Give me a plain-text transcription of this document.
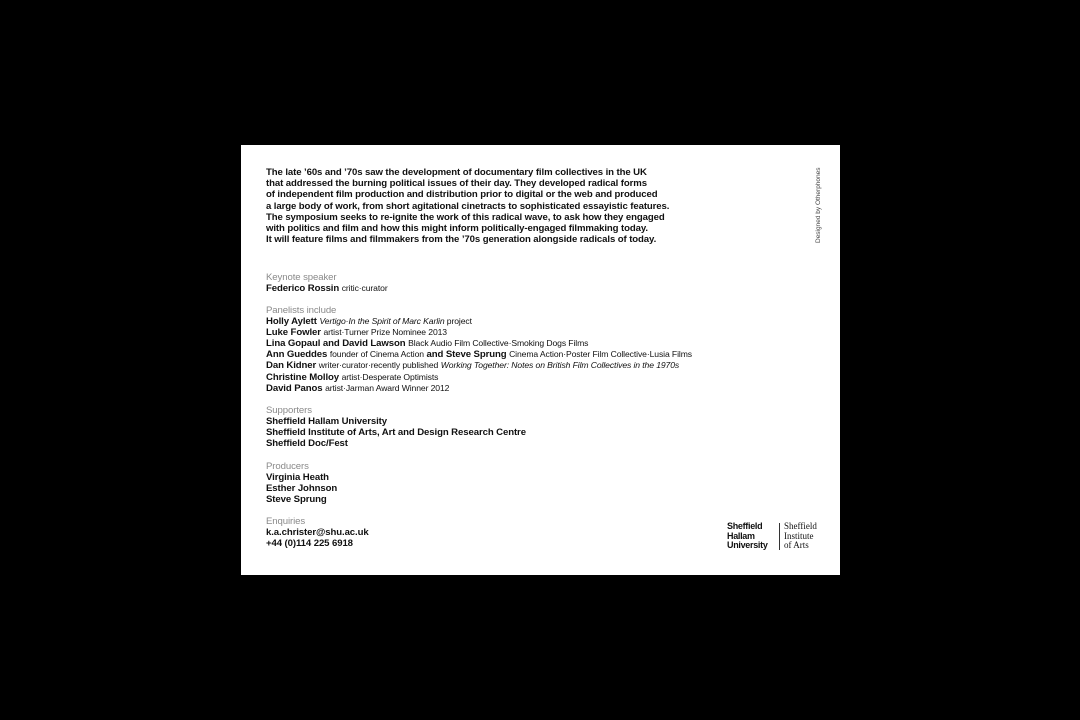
The late ’60s and ’70s saw the development of documentary film collectives in the UK
that addressed the burning political issues of their day. They developed radical forms
of independent film production and distribution prior to digital or the web and produced
a large body of work, from short agitational cinetracts to sophisticated essayistic features.
The symposium seeks to re-ignite the work of this radical wave, to ask how they engaged
with politics and film and how this might inform politically-engaged filmmaking today.
It will feature films and filmmakers from the ’70s generation alongside radicals of today.	Designed by Otherphones
Keynote speaker
Federico Rossin critic·curator
Panelists include
Holly Aylett Vertigo·In the Spirit of Marc Karlin project
Luke Fowler artist·Turner Prize Nominee 2013
Lina Gopaul and David Lawson Black Audio Film Collective·Smoking Dogs Films
Ann Gueddes founder of Cinema Action and Steve Sprung Cinema Action·Poster Film Collective·Lusia Films
Dan Kidner writer·curator·recently published Working Together: Notes on British Film Collectives in the 1970s
Christine Molloy artist·Desperate Optimists
David Panos artist·Jarman Award Winner 2012
Supporters
Sheffield Hallam University
Sheffield Institute of Arts, Art and Design Research Centre
Sheffield Doc/Fest
Producers
Virginia Heath
Esther Johnson
Steve Sprung
Enquiries
k.a.christer@shu.ac.uk
+44 (0)114 225 6918
Sheffield
Hallam
University
Sheffield
Institute
of Arts
